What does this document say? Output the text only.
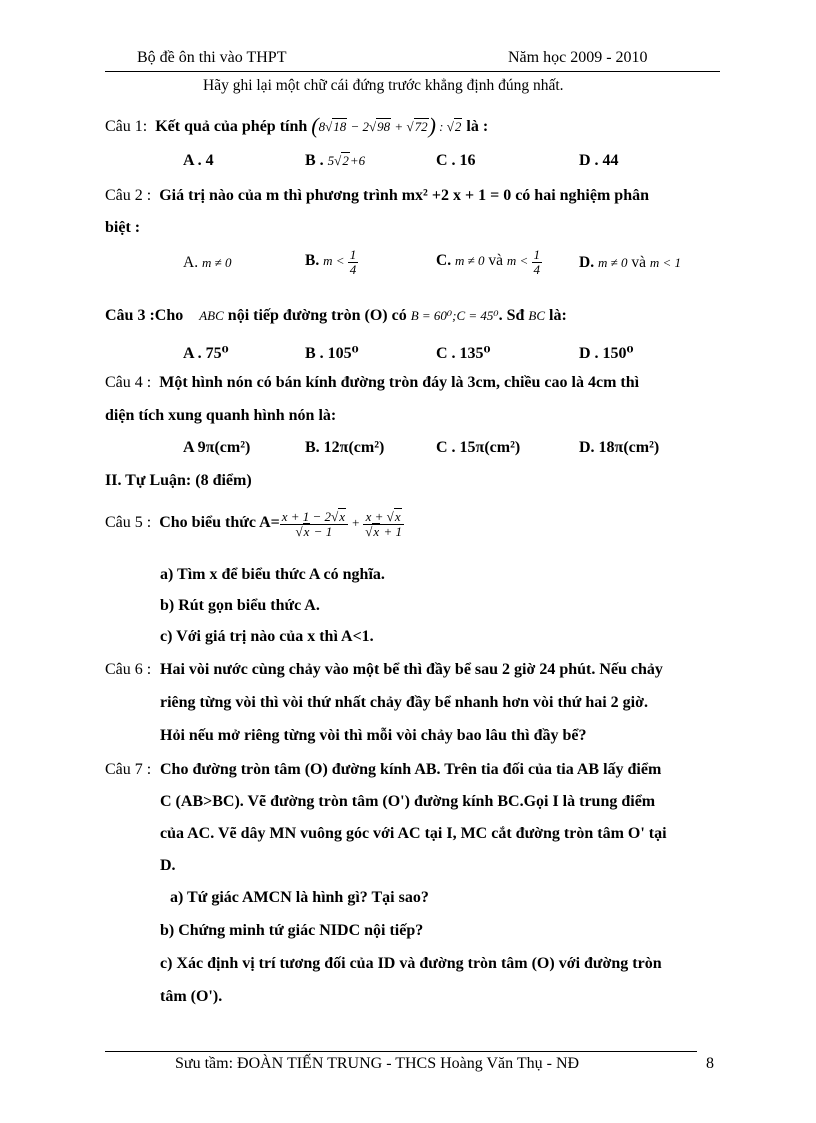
Bộ đề ôn thi vào THPT	Năm học 2009 - 2010
Hãy ghi lại một chữ cái đứng trước khẳng định đúng nhất.
Câu 1: Kết quả của phép tính (8√18 − 2√98 + √72) : √2 là :
A . 4	B . 5√2+6	C . 16	D . 44
Câu 2 : Giá trị nào của m thì phương trình mx² +2 x + 1 = 0 có hai nghiệm phân
biệt :
A. m ≠ 0	B. $m < \frac{1}{4}$	C. m ≠ 0 và $m < \frac{1}{4} D$. m ≠ 0 và m < 1
Câu 3 :Cho ABC nội tiếp đường tròn (O) có B = 60⁰;C = 45⁰. Sđ BC là:
A . 75⁰	B . 105⁰	C . 135⁰	D . 150⁰
Câu 4 : Một hình nón có bán kính đường tròn đáy là 3cm, chiều cao là 4cm thì
diện tích xung quanh hình nón là:
A 9π(cm²)	B. 12π(cm²)	C . 15π(cm²)	D. 18π(cm²)
II. Tự Luận: (8 điểm)
Câu 5 : Cho biểu thức $A= \frac{x + 1 - 2√x}{√x - 1} + \frac{x + √x}{√x + 1}$
a) Tìm x để biểu thức A có nghĩa.
b) Rút gọn biểu thức A.
c) Với giá trị nào của x thì A<1.
Câu 6 : Hai vòi nước cùng chảy vào một bể thì đầy bể sau 2 giờ 24 phút. Nếu chảy
riêng từng vòi thì vòi thứ nhất chảy đầy bể nhanh hơn vòi thứ hai 2 giờ.
Hỏi nếu mở riêng từng vòi thì mỗi vòi chảy bao lâu thì đầy bể?
Câu 7 : Cho đường tròn tâm (O) đường kính AB. Trên tia đối của tia AB lấy điểm
C (AB>BC). Vẽ đường tròn tâm (O') đường kính BC.Gọi I là trung điểm
của AC. Vẽ dây MN vuông góc với AC tại I, MC cắt đường tròn tâm O' tại
D.
a) Tứ giác AMCN là hình gì? Tại sao?
b) Chứng minh tứ giác NIDC nội tiếp?
c) Xác định vị trí tương đối của ID và đường tròn tâm (O) với đường tròn
tâm (O').
Sưu tầm: ĐOÀN TIẾN TRUNG - THCS Hoàng Văn Thụ - NĐ	8
